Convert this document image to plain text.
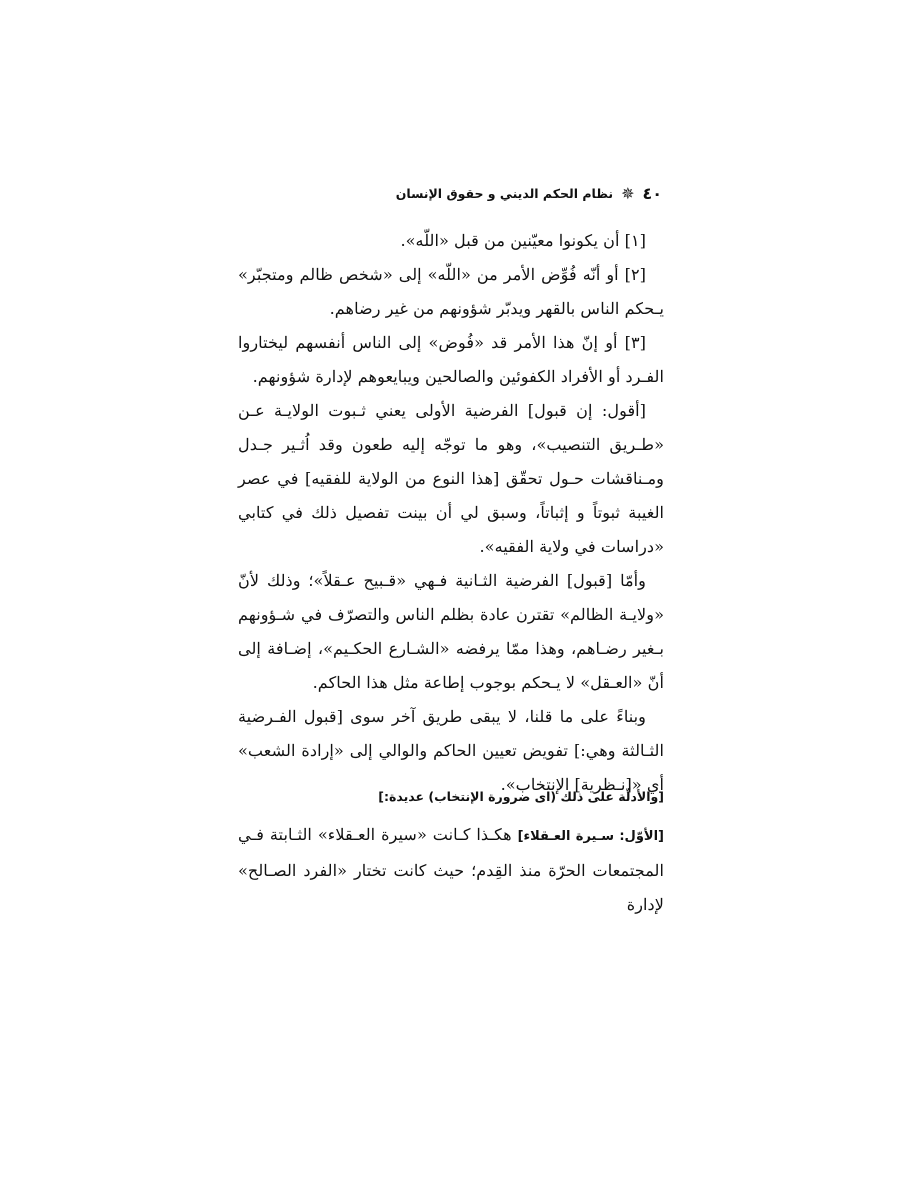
٤٠
✵
نظام الحكم الديني و حقوق الإنسان

[١] أن يكونوا معيّنين من قبل «اللّه».

[٢] أو أنّه فُوِّض الأمر من «اللّه» إلى «شخص ظالم ومتجبّر» يـحكم الناس بالقهر ويدبّر شؤونهم من غير رضاهم.

[٣] أو إنّ هذا الأمر قد «فُوض» إلى الناس أنفسهم ليختاروا الفـرد أو الأفراد الكفوئين والصالحين ويبايعوهم لإدارة شؤونهم.

[أقول: إن قبول] الفرضية الأولى يعني ثـبوت الولايـة عـن «طـريق التنصيب»، وهو ما توجّه إليه طعون وقد اُثـير جـدل ومـناقشات حـول تحقّق [هذا النوع من الولاية للفقيه] في عصر الغيبة ثبوتاً و إثباتاً، وسبق لي أن بينت تفصيل ذلك في كتابي «دراسات في ولاية الفقيه».

وأمّا [قبول] الفرضية الثـانية فـهي «قـبيح عـقلاً»؛ وذلك لأنّ «ولايـة الظالم» تقترن عادة بظلم الناس والتصرّف في شـؤونهم بـغير رضـاهم، وهذا ممّا يرفضه «الشـارع الحكـيم»، إضـافة إلى أنّ «العـقل» لا يـحكم بوجوب إطاعة مثل هذا الحاكم.

وبناءً على ما قلنا، لا يبقى طريق آخر سوى [قبول الفـرضية الثـالثة وهي:] تفويض تعيين الحاكم والوالي إلى «إرادة الشعب» أي «[نـظرية] الإنتخاب».

[والأدلّة على ذلك (اى ضرورة الإنتخاب) عديدة:]

[الأوّل: سـيرة العـقلاء] هكـذا كـانت «سيرة العـقلاء» الثـابتة فـي المجتمعات الحرّة منذ القِدم؛ حيث كانت تختار «الفرد الصـالح» لإدارة
